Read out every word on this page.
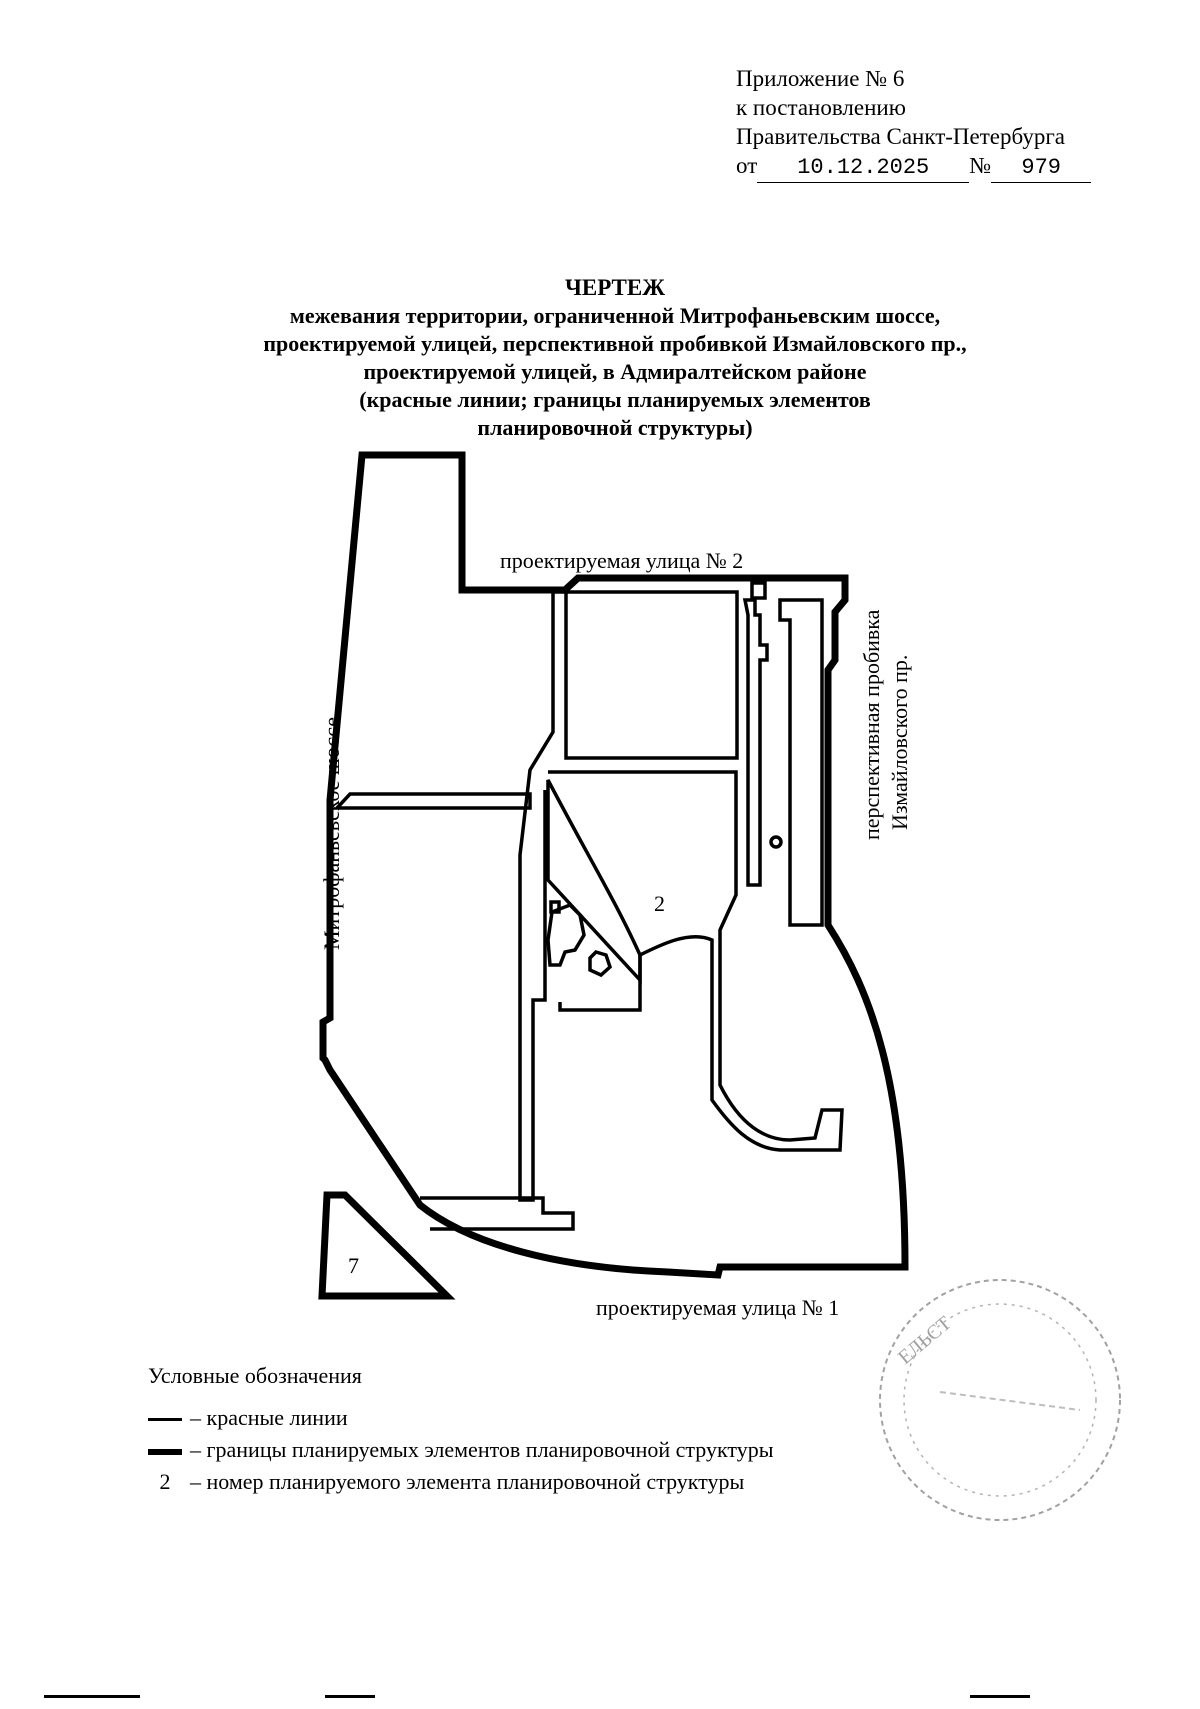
Приложение № 6
к постановлению
Правительства Санкт-Петербурга
от 10.12.2025 № 979
ЧЕРТЕЖ
межевания территории, ограниченной Митрофаньевским шоссе,
проектируемой улицей, перспективной пробивкой Измайловского пр.,
проектируемой улицей, в Адмиралтейском районе
(красные линии; границы планируемых элементов
планировочной структуры)
проектируемая улица № 2
проектируемая улица № 1
Митрофаньевское шоссе	перспективная пробивка Измайловского пр.
2
7
ЕЛЬСТ
Условные обозначения
– красные линии
– границы планируемых элементов планировочной структуры
2 – номер планируемого элемента планировочной структуры
